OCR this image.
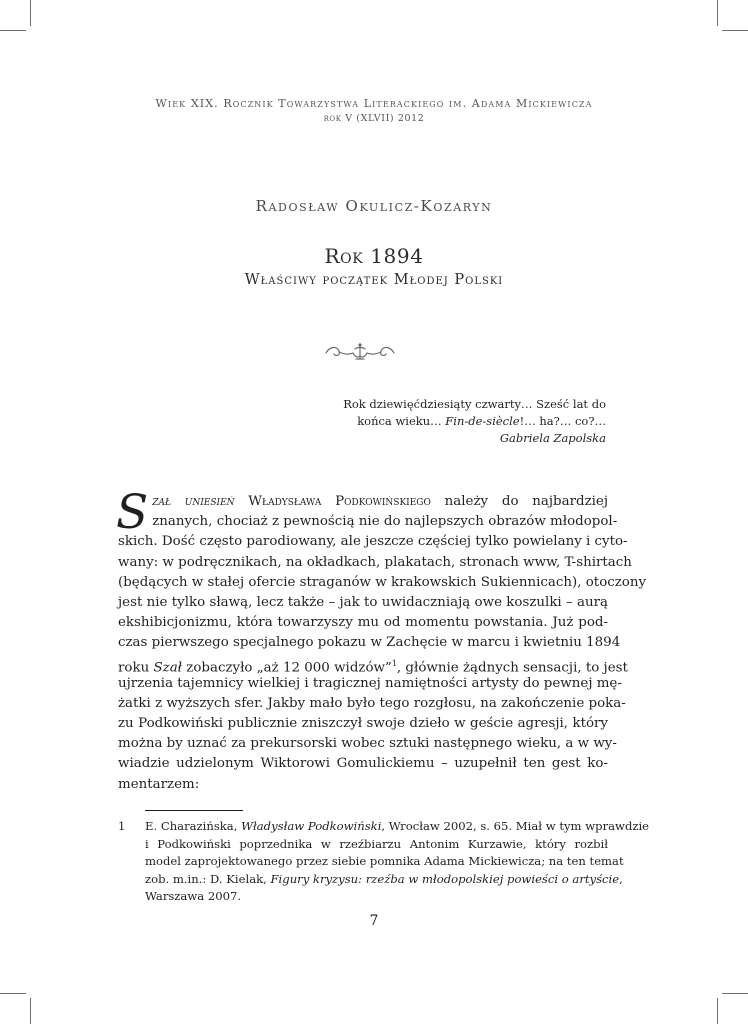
Wiek XIX. Rocznik Towarzystwa Literackiego im. Adama Mickiewicza
rok V (XLVII) 2012
Radosław Okulicz-Kozaryn
Rok 1894
Właściwy początek Młodej Polski
Rok dziewięćdziesiąty czwarty… Sześć lat do
końca wieku… Fin-de-siècle!… ha?… co?…
Gabriela Zapolska
S zał uniesień Władysława Podkowińskiego należy do najbardziej
znanych, chociaż z pewnością nie do najlepszych obrazów młodopol-
skich. Dość często parodiowany, ale jeszcze częściej tylko powielany i cyto-
wany: w podręcznikach, na okładkach, plakatach, stronach www, T-shirtach
(będących w stałej ofercie straganów w krakowskich Sukiennicach), otoczony
jest nie tylko sławą, lecz także – jak to uwidaczniają owe koszulki – aurą
ekshibicjonizmu, która towarzyszy mu od momentu powstania. Już pod-
czas pierwszego specjalnego pokazu w Zachęcie w marcu i kwietniu 1894
roku Szał zobaczyło „aż 12 000 widzów”$^1$, głównie żądnych sensacji, to jest
ujrzenia tajemnicy wielkiej i tragicznej namiętności artysty do pewnej mę-
żatki z wyższych sfer. Jakby mało było tego rozgłosu, na zakończenie poka-
zu Podkowiński publicznie zniszczył swoje dzieło w geście agresji, który
można by uznać za prekursorski wobec sztuki następnego wieku, a w wy-
wiadzie udzielonym Wiktorowi Gomulickiemu – uzupełnił ten gest ko-
mentarzem:
1 E. Charazińska, Władysław Podkowiński, Wrocław 2002, s. 65. Miał w tym wprawdzie
i Podkowiński poprzednika w rzeźbiarzu Antonim Kurzawie, który rozbił
model zaprojektowanego przez siebie pomnika Adama Mickiewicza; na ten temat
zob. m.in.: D. Kielak, Figury kryzysu: rzeźba w młodopolskiej powieści o artyście,
Warszawa 2007.
7
